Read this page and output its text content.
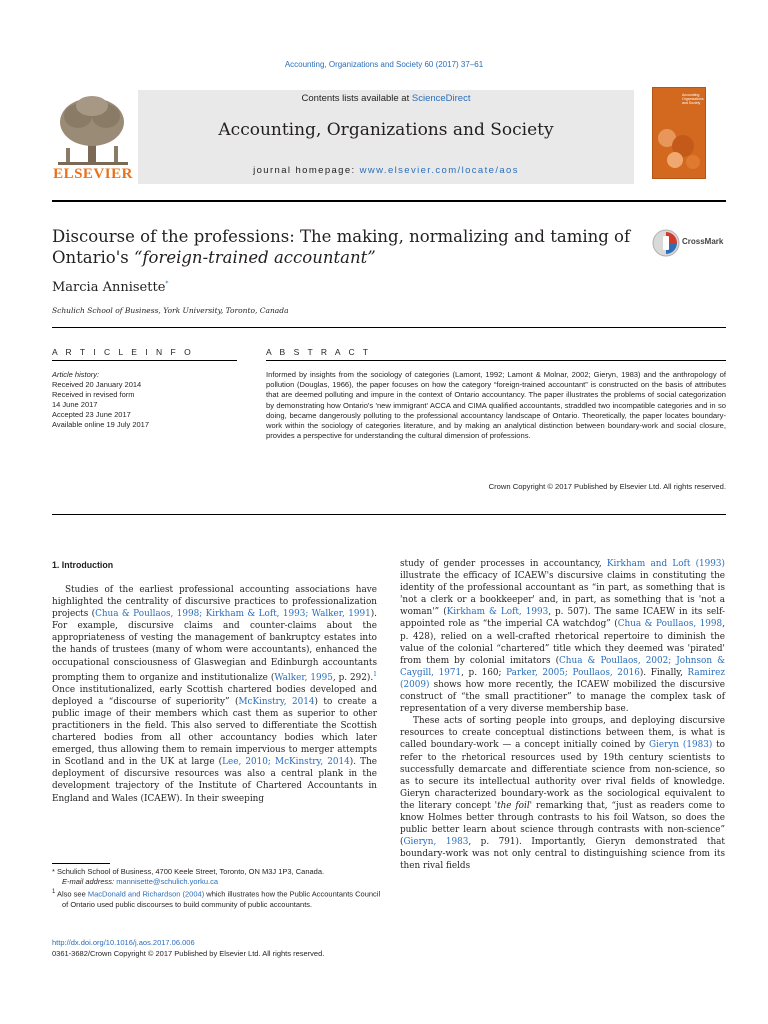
Accounting, Organizations and Society 60 (2017) 37–61
ELSEVIER
Contents lists available at ScienceDirect
Accounting, Organizations and Society
journal homepage: www.elsevier.com/locate/aos
Accounting, Organizations and Society
Discourse of the professions: The making, normalizing and taming of Ontario's “foreign-trained accountant”
CrossMark
Marcia Annisette*
Schulich School of Business, York University, Toronto, Canada
A R T I C L E I N F O	A B S T R A C T
Article history:
Received 20 January 2014
Received in revised form
14 June 2017
Accepted 23 June 2017
Available online 19 July 2017
Informed by insights from the sociology of categories (Lamont, 1992; Lamont & Molnar, 2002; Gieryn, 1983) and the anthropology of pollution (Douglas, 1966), the paper focuses on how the category “foreign-trained accountant” is constructed on the basis of attributes that are deemed polluting and impure in the context of Ontario accountancy. The paper illustrates the problems of social categorization by demonstrating how Ontario's 'new immigrant' ACCA and CIMA qualified accountants, straddled two incompatible categories and in so doing, became dangerously polluting to the professional accountancy landscape of Ontario. Theoretically, the paper locates boundary-work within the sociology of categories literature, and by making an analytical distinction between boundary-work and social closure, provides a perspective for understanding the cultural dimension of professions.
Crown Copyright © 2017 Published by Elsevier Ltd. All rights reserved.
1. Introduction
Studies of the earliest professional accounting associations have highlighted the centrality of discursive practices to professionalization projects (Chua & Poullaos, 1998; Kirkham & Loft, 1993; Walker, 1991). For example, discursive claims and counter-claims about the appropriateness of vesting the management of bankruptcy estates into the hands of trustees (many of whom were accountants), enhanced the occupational consciousness of Glaswegian and Edinburgh accountants prompting them to organize and institutionalize (Walker, 1995, p. 292).$^1$ Once institutionalized, early Scottish chartered bodies developed and deployed a “discourse of superiority” (McKinstry, 2014) to create a public image of their members which cast them as superior to other practitioners in the field. This also served to differentiate the Scottish chartered bodies from all other accountancy bodies which later emerged, thus allowing them to remain impervious to merger attempts in Scotland and in the UK at large (Lee, 2010; McKinstry, 2014). The deployment of discursive resources was also a central plank in the development trajectory of the Institute of Chartered Accountants in England and Wales (ICAEW). In their sweeping

study of gender processes in accountancy, Kirkham and Loft (1993) illustrate the efficacy of ICAEW's discursive claims in constituting the identity of the professional accountant as “in part, as something that is 'not a clerk or a bookkeeper' and, in part, as something that is 'not a woman'” (Kirkham & Loft, 1993, p. 507). The same ICAEW in its self-appointed role as “the imperial CA watchdog” (Chua & Poullaos, 1998, p. 428), relied on a well-crafted rhetorical repertoire to diminish the value of the colonial “chartered” title which they deemed was 'pirated' from them by colonial imitators (Chua & Poullaos, 2002; Johnson & Caygill, 1971, p. 160; Parker, 2005; Poullaos, 2016). Finally, Ramirez (2009) shows how more recently, the ICAEW mobilized the discursive construct of “the small practitioner” to manage the complex task of representation of a very diverse membership base.

These acts of sorting people into groups, and deploying discursive resources to create conceptual distinctions between them, is what is called boundary-work — a concept initially coined by Gieryn (1983) to refer to the rhetorical resources used by 19th century scientists to successfully demarcate and differentiate science from non-science, so as to secure its intellectual authority over rival fields of knowledge. Gieryn characterized boundary-work as the sociological equivalent to the literary concept 'the foil' remarking that, “just as readers come to know Holmes better through contrasts to his foil Watson, so does the public better learn about science through contrasts with non-science” (Gieryn, 1983, p. 791). Importantly, Gieryn demonstrated that boundary-work was not only central to distinguishing science from its then rival fields

* Schulich School of Business, 4700 Keele Street, Toronto, ON M3J 1P3, Canada.
E-mail address: mannisette@schulich.yorku.ca
$^1$ Also see MacDonald and Richardson (2004) which illustrates how the Public Accountants Council of Ontario used public discourses to build community of public accountants.
http://dx.doi.org/10.1016/j.aos.2017.06.006
0361-3682/Crown Copyright © 2017 Published by Elsevier Ltd. All rights reserved.
